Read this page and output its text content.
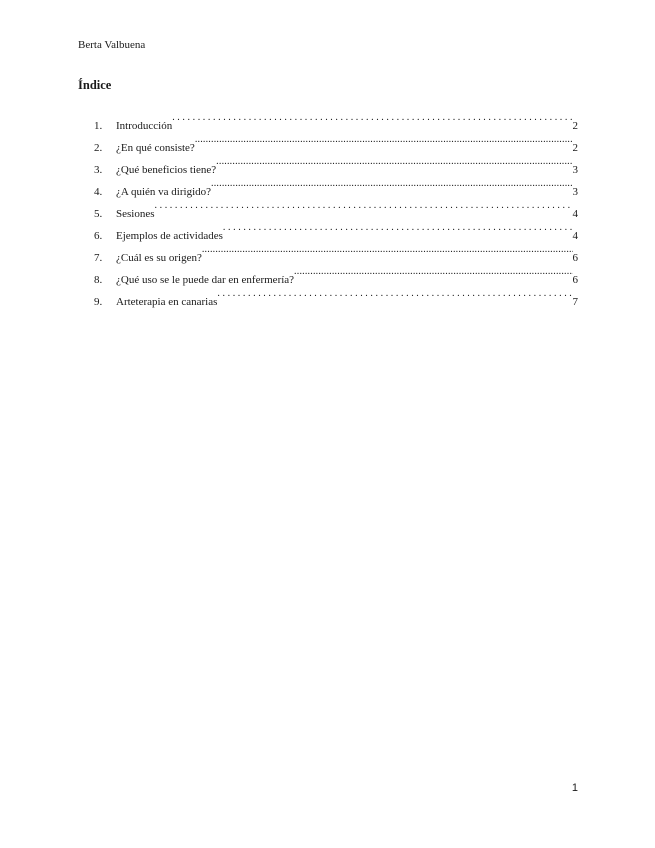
Berta Valbuena
Índice
1.	Introducción .....	2
2.	¿En qué consiste? .....	2
3.	¿Qué beneficios tiene? .....	3
4.	¿A quién va dirigido? .....	3
5.	Sesiones .....	4
6.	Ejemplos de actividades .....	4
7.	¿Cuál es su origen? .....	6
8.	¿Qué uso se le puede dar en enfermería? .....	6
9.	Arteterapia en canarias .....	7
1
